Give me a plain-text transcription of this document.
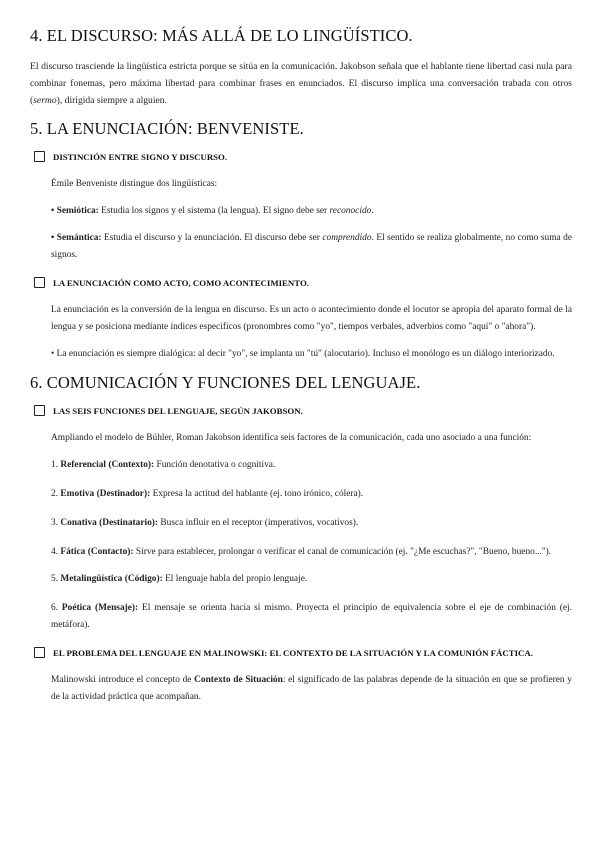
4. EL DISCURSO: MÁS ALLÁ DE LO LINGÜÍSTICO.

El discurso trasciende la lingüística estricta porque se sitúa en la comunicación. Jakobson señala que el hablante tiene libertad casi nula para combinar fonemas, pero máxima libertad para combinar frases en enunciados. El discurso implica una conversación trabada con otros (sermo), dirigida siempre a alguien.

5. LA ENUNCIACIÓN: BENVENISTE.
DISTINCIÓN ENTRE SIGNO Y DISCURSO.

Émile Benveniste distingue dos lingüísticas:

• Semiótica: Estudia los signos y el sistema (la lengua). El signo debe ser reconocido.

• Semántica: Estudia el discurso y la enunciación. El discurso debe ser comprendido. El sentido se realiza globalmente, no como suma de signos.

LA ENUNCIACIÓN COMO ACTO, COMO ACONTECIMIENTO.

La enunciación es la conversión de la lengua en discurso. Es un acto o acontecimiento donde el locutor se apropia del aparato formal de la lengua y se posiciona mediante índices específicos (pronombres como "yo", tiempos verbales, adverbios como "aquí" o "ahora").

• La enunciación es siempre dialógica: al decir "yo", se implanta un "tú" (alocutario). Incluso el monólogo es un diálogo interiorizado.

6. COMUNICACIÓN Y FUNCIONES DEL LENGUAJE.
LAS SEIS FUNCIONES DEL LENGUAJE, SEGÚN JAKOBSON.

Ampliando el modelo de Bühler, Roman Jakobson identifica seis factores de la comunicación, cada uno asociado a una función:

1. Referencial (Contexto): Función denotativa o cognitiva.

2. Emotiva (Destinador): Expresa la actitud del hablante (ej. tono irónico, cólera).

3. Conativa (Destinatario): Busca influir en el receptor (imperativos, vocativos).

4. Fática (Contacto): Sirve para establecer, prolongar o verificar el canal de comunicación (ej. "¿Me escuchas?", "Bueno, bueno...").

5. Metalingüística (Código): El lenguaje habla del propio lenguaje.

6. Poética (Mensaje): El mensaje se orienta hacia sí mismo. Proyecta el principio de equivalencia sobre el eje de combinación (ej. metáfora).

EL PROBLEMA DEL LENGUAJE EN MALINOWSKI: EL CONTEXTO DE LA SITUACIÓN Y LA COMUNIÓN FÁCTICA.

Malinowski introduce el concepto de Contexto de Situación: el significado de las palabras depende de la situación en que se profieren y de la actividad práctica que acompañan.
